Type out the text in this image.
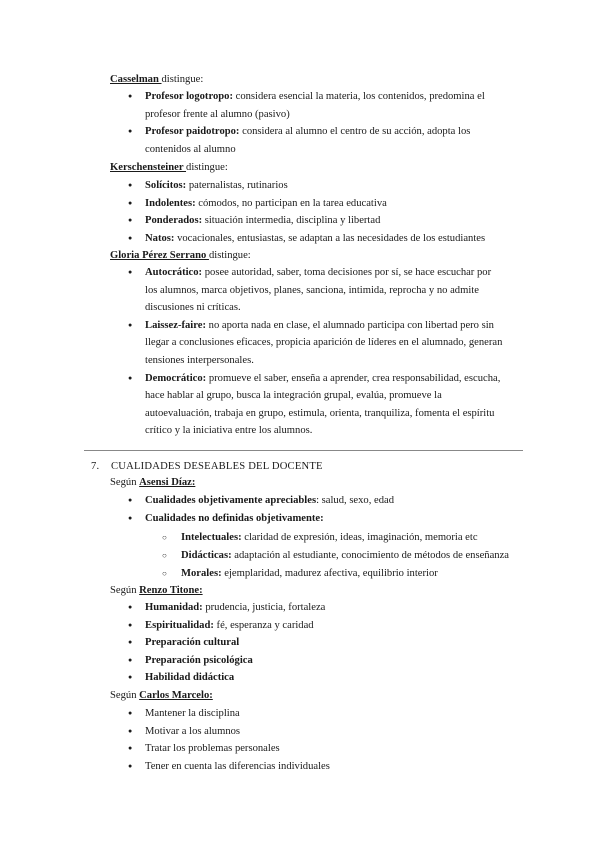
Casselman distingue:
● Profesor logotropo: considera esencial la materia, los contenidos, predomina el profesor frente al alumno (pasivo)
● Profesor paidotropo: considera al alumno el centro de su acción, adopta los contenidos al alumno
Kerschensteiner distingue:
● Solícitos: paternalistas, rutinarios
● Indolentes: cómodos, no participan en la tarea educativa
● Ponderados: situación intermedia, disciplina y libertad
● Natos: vocacionales, entusiastas, se adaptan a las necesidades de los estudiantes
Gloria Pérez Serrano distingue:
● Autocrático: posee autoridad, saber, toma decisiones por sí, se hace escuchar por los alumnos, marca objetivos, planes, sanciona, intimida, reprocha y no admite discusiones ni críticas.
● Laissez-faire: no aporta nada en clase, el alumnado participa con libertad pero sin llegar a conclusiones eficaces, propicia aparición de líderes en el alumnado, generan tensiones interpersonales.
● Democrático: promueve el saber, enseña a aprender, crea responsabilidad, escucha, hace hablar al grupo, busca la integración grupal, evalúa, promueve la autoevaluación, trabaja en grupo, estimula, orienta, tranquiliza, fomenta el espíritu crítico y la iniciativa entre los alumnos.
7. CUALIDADES DESEABLES DEL DOCENTE
Según Asensi Díaz:
● Cualidades objetivamente apreciables: salud, sexo, edad
● Cualidades no definidas objetivamente:
○ Intelectuales: claridad de expresión, ideas, imaginación, memoria etc
○ Didácticas: adaptación al estudiante, conocimiento de métodos de enseñanza
○ Morales: ejemplaridad, madurez afectiva, equilibrio interior
Según Renzo Titone:
● Humanidad: prudencia, justicia, fortaleza
● Espiritualidad: fé, esperanza y caridad
● Preparación cultural
● Preparación psicológica
● Habilidad didáctica
Según Carlos Marcelo:
● Mantener la disciplina
● Motivar a los alumnos
● Tratar los problemas personales
● Tener en cuenta las diferencias individuales
